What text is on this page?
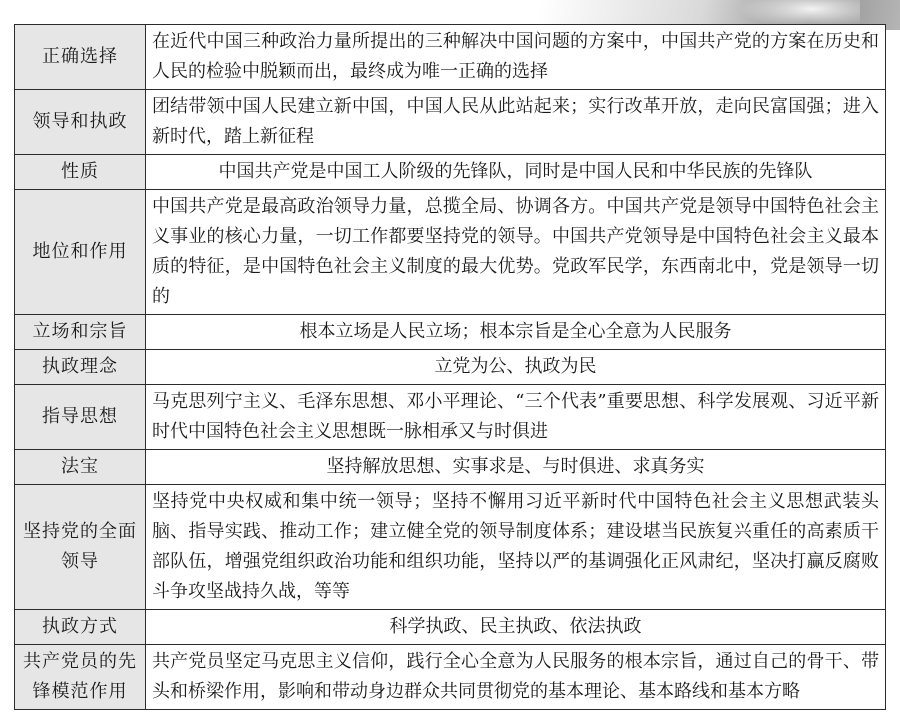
正确选择	在近代中国三种政治力量所提出的三种解决中国问题的方案中，中国共产党的方案在历史和人民的检验中脱颖而出，最终成为唯一正确的选择
领导和执政	团结带领中国人民建立新中国，中国人民从此站起来；实行改革开放，走向民富国强；进入新时代，踏上新征程
性质	中国共产党是中国工人阶级的先锋队，同时是中国人民和中华民族的先锋队
地位和作用	中国共产党是最高政治领导力量，总揽全局、协调各方。中国共产党是领导中国特色社会主义事业的核心力量，一切工作都要坚持党的领导。中国共产党领导是中国特色社会主义最本质的特征，是中国特色社会主义制度的最大优势。党政军民学，东西南北中，党是领导一切的
立场和宗旨	根本立场是人民立场；根本宗旨是全心全意为人民服务
执政理念	立党为公、执政为民
指导思想	马克思列宁主义、毛泽东思想、邓小平理论、“三个代表”重要思想、科学发展观、习近平新时代中国特色社会主义思想既一脉相承又与时俱进
法宝	坚持解放思想、实事求是、与时俱进、求真务实
坚持党的全面领导	坚持党中央权威和集中统一领导；坚持不懈用习近平新时代中国特色社会主义思想武装头脑、指导实践、推动工作；建立健全党的领导制度体系；建设堪当民族复兴重任的高素质干部队伍，增强党组织政治功能和组织功能，坚持以严的基调强化正风肃纪，坚决打赢反腐败斗争攻坚战持久战，等等
执政方式	科学执政、民主执政、依法执政
共产党员的先锋模范作用	共产党员坚定马克思主义信仰，践行全心全意为人民服务的根本宗旨，通过自己的骨干、带头和桥梁作用，影响和带动身边群众共同贯彻党的基本理论、基本路线和基本方略
